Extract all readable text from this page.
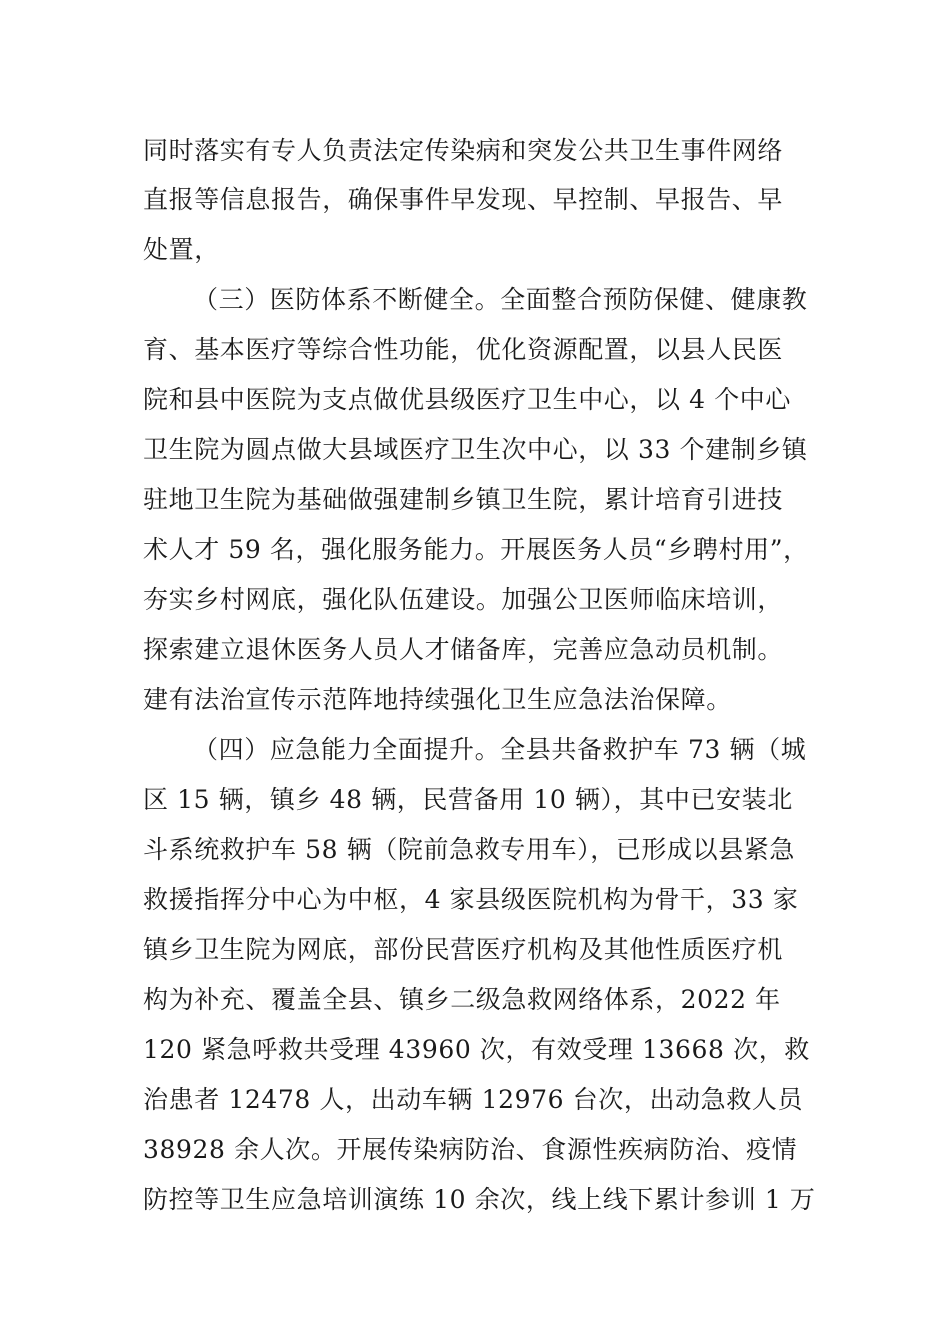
同时落实有专人负责法定传染病和突发公共卫生事件网络
直报等信息报告，确保事件早发现、早控制、早报告、早
处置，
（三）医防体系不断健全。全面整合预防保健、健康教
育、基本医疗等综合性功能，优化资源配置，以县人民医
院和县中医院为支点做优县级医疗卫生中心，以 4 个中心
卫生院为圆点做大县域医疗卫生次中心，以 33 个建制乡镇
驻地卫生院为基础做强建制乡镇卫生院，累计培育引进技
术人才 59 名，强化服务能力。开展医务人员“乡聘村用”，
夯实乡村网底，强化队伍建设。加强公卫医师临床培训，
探索建立退休医务人员人才储备库，完善应急动员机制。
建有法治宣传示范阵地持续强化卫生应急法治保障。
（四）应急能力全面提升。全县共备救护车 73 辆（城
区 15 辆，镇乡 48 辆，民营备用 10 辆），其中已安装北
斗系统救护车 58 辆（院前急救专用车），已形成以县紧急
救援指挥分中心为中枢，4 家县级医院机构为骨干，33 家
镇乡卫生院为网底，部份民营医疗机构及其他性质医疗机
构为补充、覆盖全县、镇乡二级急救网络体系，2022 年
120 紧急呼救共受理 43960 次，有效受理 13668 次，救
治患者 12478 人，出动车辆 12976 台次，出动急救人员
38928 余人次。开展传染病防治、食源性疾病防治、疫情
防控等卫生应急培训演练 10 余次，线上线下累计参训 1 万
